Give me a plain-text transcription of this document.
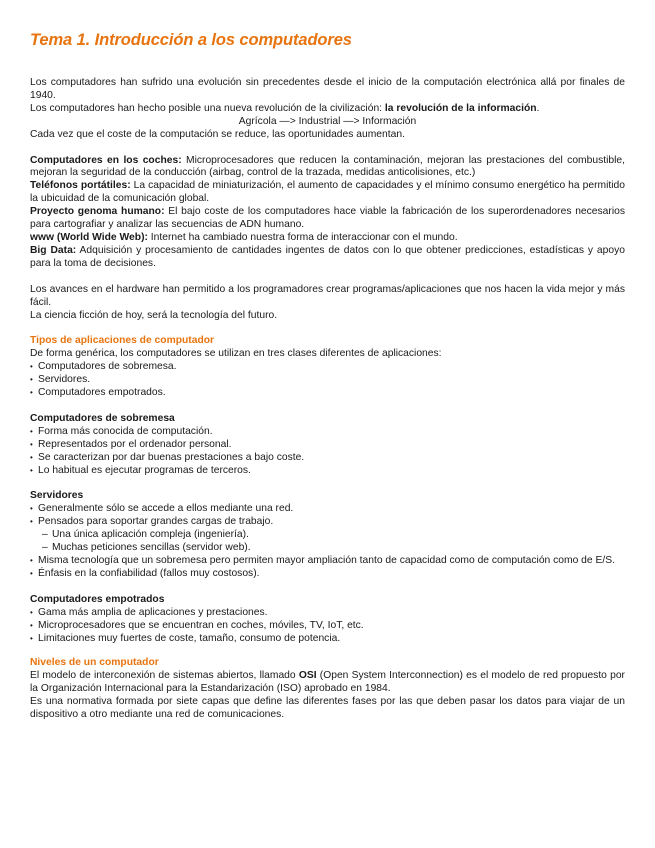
Tema 1. Introducción a los computadores

Los computadores han sufrido una evolución sin precedentes desde el inicio de la computación electrónica allá por finales de 1940.

Los computadores han hecho posible una nueva revolución de la civilización: la revolución de la información.

Agrícola —> Industrial —> Información

Cada vez que el coste de la computación se reduce, las oportunidades aumentan.

Computadores en los coches: Microprocesadores que reducen la contaminación, mejoran las prestaciones del combustible, mejoran la seguridad de la conducción (airbag, control de la trazada, medidas anticolisiones, etc.)

Teléfonos portátiles: La capacidad de miniaturización, el aumento de capacidades y el mínimo consumo energético ha permitido la ubicuidad de la comunicación global.

Proyecto genoma humano: El bajo coste de los computadores hace viable la fabricación de los superordenadores necesarios para cartografiar y analizar las secuencias de ADN humano.

www (World Wide Web): Internet ha cambiado nuestra forma de interaccionar con el mundo.

Big Data: Adquisición y procesamiento de cantidades ingentes de datos con lo que obtener predicciones, estadísticas y apoyo para la toma de decisiones.

Los avances en el hardware han permitido a los programadores crear programas/aplicaciones que nos hacen la vida mejor y más fácil.

La ciencia ficción de hoy, será la tecnología del futuro.

Tipos de aplicaciones de computador

De forma genérica, los computadores se utilizan en tres clases diferentes de aplicaciones:

• Computadores de sobremesa.
• Servidores.
• Computadores empotrados.

Computadores de sobremesa

• Forma más conocida de computación.
• Representados por el ordenador personal.
• Se caracterizan por dar buenas prestaciones a bajo coste.
• Lo habitual es ejecutar programas de terceros.

Servidores

• Generalmente sólo se accede a ellos mediante una red.
• Pensados para soportar grandes cargas de trabajo.
– Una única aplicación compleja (ingeniería).
– Muchas peticiones sencillas (servidor web).
• Misma tecnología que un sobremesa pero permiten mayor ampliación tanto de capacidad como de computación como de E/S.
• Énfasis en la confiabilidad (fallos muy costosos).

Computadores empotrados

• Gama más amplia de aplicaciones y prestaciones.
• Microprocesadores que se encuentran en coches, móviles, TV, IoT, etc.
• Limitaciones muy fuertes de coste, tamaño, consumo de potencia.

Niveles de un computador

El modelo de interconexión de sistemas abiertos, llamado OSI (Open System Interconnection) es el modelo de red propuesto por la Organización Internacional para la Estandarización (ISO) aprobado en 1984.

Es una normativa formada por siete capas que define las diferentes fases por las que deben pasar los datos para viajar de un dispositivo a otro mediante una red de comunicaciones.
